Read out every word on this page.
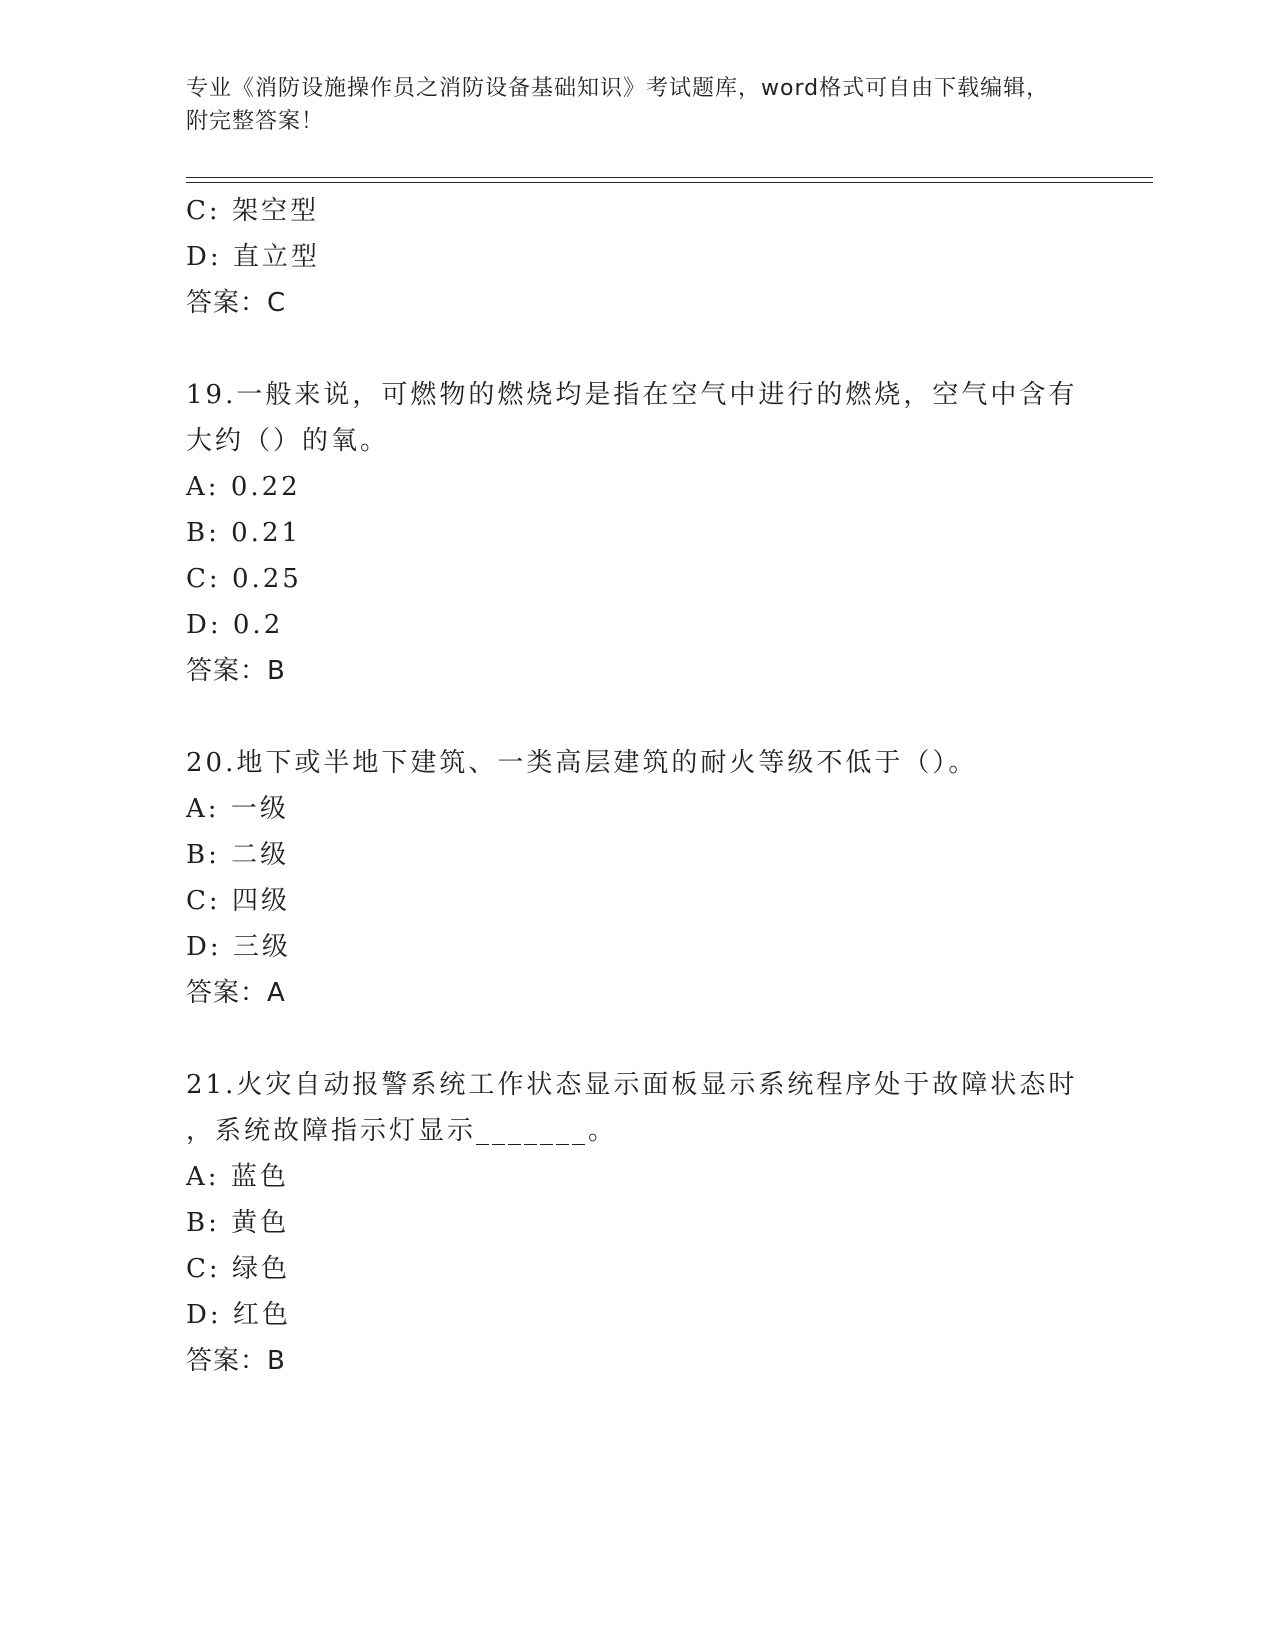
专业《消防设施操作员之消防设备基础知识》考试题库，word格式可自由下载编辑，附完整答案！
C: 架空型
D: 直立型
答案：C
19.一般来说，可燃物的燃烧均是指在空气中进行的燃烧，空气中含有
大约（）的氧。
A: 0.22
B: 0.21
C: 0.25
D: 0.2
答案：B
20.地下或半地下建筑、一类高层建筑的耐火等级不低于（）。
A: 一级
B: 二级
C: 四级
D: 三级
答案：A
21.火灾自动报警系统工作状态显示面板显示系统程序处于故障状态时
，系统故障指示灯显示_______。
A: 蓝色
B: 黄色
C: 绿色
D: 红色
答案：B
